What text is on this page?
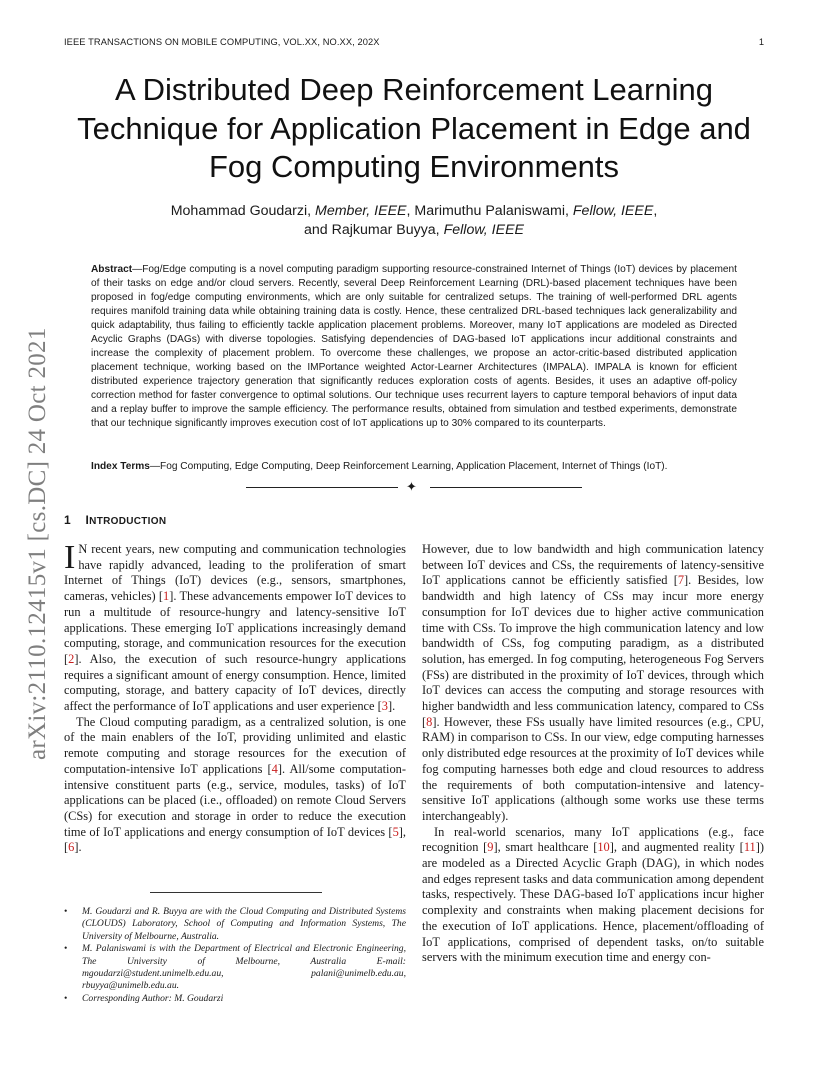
IEEE TRANSACTIONS ON MOBILE COMPUTING, VOL.XX, NO.XX, 202X	1
A Distributed Deep Reinforcement Learning Technique for Application Placement in Edge and Fog Computing Environments
Mohammad Goudarzi, Member, IEEE, Marimuthu Palaniswami, Fellow, IEEE,
and Rajkumar Buyya, Fellow, IEEE
Abstract—Fog/Edge computing is a novel computing paradigm supporting resource-constrained Internet of Things (IoT) devices by placement of their tasks on edge and/or cloud servers. Recently, several Deep Reinforcement Learning (DRL)-based placement techniques have been proposed in fog/edge computing environments, which are only suitable for centralized setups. The training of well-performed DRL agents requires manifold training data while obtaining training data is costly. Hence, these centralized DRL-based techniques lack generalizability and quick adaptability, thus failing to efficiently tackle application placement problems. Moreover, many IoT applications are modeled as Directed Acyclic Graphs (DAGs) with diverse topologies. Satisfying dependencies of DAG-based IoT applications incur additional constraints and increase the complexity of placement problem. To overcome these challenges, we propose an actor-critic-based distributed application placement technique, working based on the IMPortance weighted Actor-Learner Architectures (IMPALA). IMPALA is known for efficient distributed experience trajectory generation that significantly reduces exploration costs of agents. Besides, it uses an adaptive off-policy correction method for faster convergence to optimal solutions. Our technique uses recurrent layers to capture temporal behaviors of input data and a replay buffer to improve the sample efficiency. The performance results, obtained from simulation and testbed experiments, demonstrate that our technique significantly improves execution cost of IoT applications up to 30% compared to its counterparts.
Index Terms—Fog Computing, Edge Computing, Deep Reinforcement Learning, Application Placement, Internet of Things (IoT).
✦
1 INTRODUCTION
arXiv:2110.12415v1 [cs.DC] 24 Oct 2021 I N recent years, new computing and communication technologies have rapidly advanced, leading to the proliferation of smart Internet of Things (IoT) devices (e.g., sensors, smartphones, cameras, vehicles) [1]. These advancements empower IoT devices to run a multitude of resource-hungry and latency-sensitive IoT applications. These emerging IoT applications increasingly demand computing, storage, and communication resources for the execution [2]. Also, the execution of such resource-hungry applications requires a significant amount of energy consumption. Hence, limited computing, storage, and battery capacity of IoT devices, directly affect the performance of IoT applications and user experience [3].

The Cloud computing paradigm, as a centralized solution, is one of the main enablers of the IoT, providing unlimited and elastic remote computing and storage resources for the execution of computation-intensive IoT applications [4]. All/some computation-intensive constituent parts (e.g., service, modules, tasks) of IoT applications can be placed (i.e., offloaded) on remote Cloud Servers (CSs) for execution and storage in order to reduce the execution time of IoT applications and energy consumption of IoT devices [5], [6].

• M. Goudarzi and R. Buyya are with the Cloud Computing and Distributed Systems (CLOUDS) Laboratory, School of Computing and Information Systems, The University of Melbourne, Australia.
• M. Palaniswami is with the Department of Electrical and Electronic Engineering, The University of Melbourne, Australia E-mail: mgoudarzi@student.unimelb.edu.au, palani@unimelb.edu.au, rbuyya@unimelb.edu.au.
• Corresponding Author: M. Goudarzi

However, due to low bandwidth and high communication latency between IoT devices and CSs, the requirements of latency-sensitive IoT applications cannot be efficiently satisfied [7]. Besides, low bandwidth and high latency of CSs may incur more energy consumption for IoT devices due to higher active communication time with CSs. To improve the high communication latency and low bandwidth of CSs, fog computing paradigm, as a distributed solution, has emerged. In fog computing, heterogeneous Fog Servers (FSs) are distributed in the proximity of IoT devices, through which IoT devices can access the computing and storage resources with higher bandwidth and less communication latency, compared to CSs [8]. However, these FSs usually have limited resources (e.g., CPU, RAM) in comparison to CSs. In our view, edge computing harnesses only distributed edge resources at the proximity of IoT devices while fog computing harnesses both edge and cloud resources to address the requirements of both computation-intensive and latency-sensitive IoT applications (although some works use these terms interchangeably).

In real-world scenarios, many IoT applications (e.g., face recognition [9], smart healthcare [10], and augmented reality [11]) are modeled as a Directed Acyclic Graph (DAG), in which nodes and edges represent tasks and data communication among dependent tasks, respectively. These DAG-based IoT applications incur higher complexity and constraints when making placement decisions for the execution of IoT applications. Hence, placement/offloading of IoT applications, comprised of dependent tasks, on/to suitable servers with the minimum execution time and energy con-
